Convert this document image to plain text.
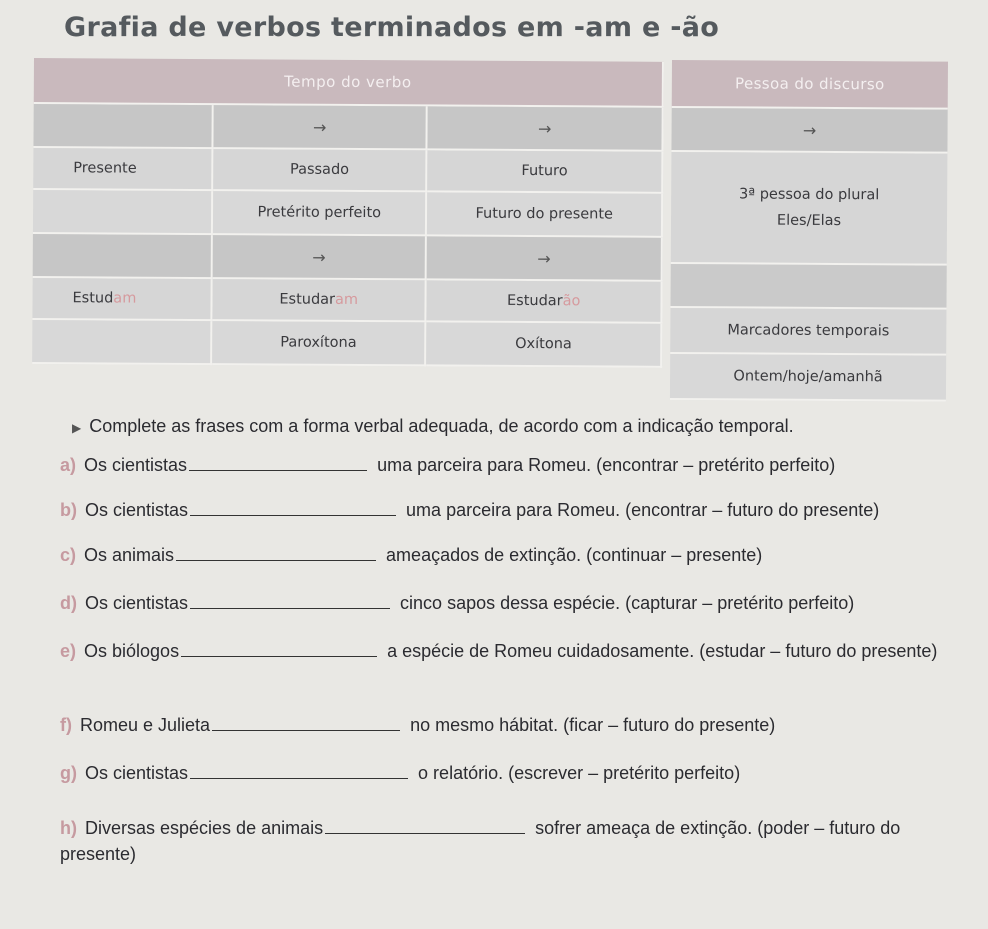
Grafia de verbos terminados em -am e -ão
Tempo do verbo		
	→	→
Presente	Passado	Futuro
	Pretérito perfeito	Futuro do presente
	→	→
Estudam	Estudaram	Estudarão
	Paroxítona	Oxítona
Pessoa do discurso
→

3ª pessoa do plural
Eles/Elas

Marcadores temporais
Ontem/hoje/amanhã
▶ Complete as frases com a forma verbal adequada, de acordo com a indicação temporal.
a) Os cientistas	uma parceira para Romeu. (encontrar – pretérito perfeito)
b) Os cientistas	uma parceira para Romeu. (encontrar – futuro do presente)
c) Os animais	ameaçados de extinção. (continuar – presente)
d) Os cientistas	cinco sapos dessa espécie. (capturar – pretérito perfeito)
e) Os biólogos	a espécie de Romeu cuidadosamente. (estudar – futuro do presente)
f) Romeu e Julieta	no mesmo hábitat. (ficar – futuro do presente)
g) Os cientistas	o relatório. (escrever – pretérito perfeito)
h) Diversas espécies de animais	sofrer ameaça de extinção. (poder – futuro do presente)
